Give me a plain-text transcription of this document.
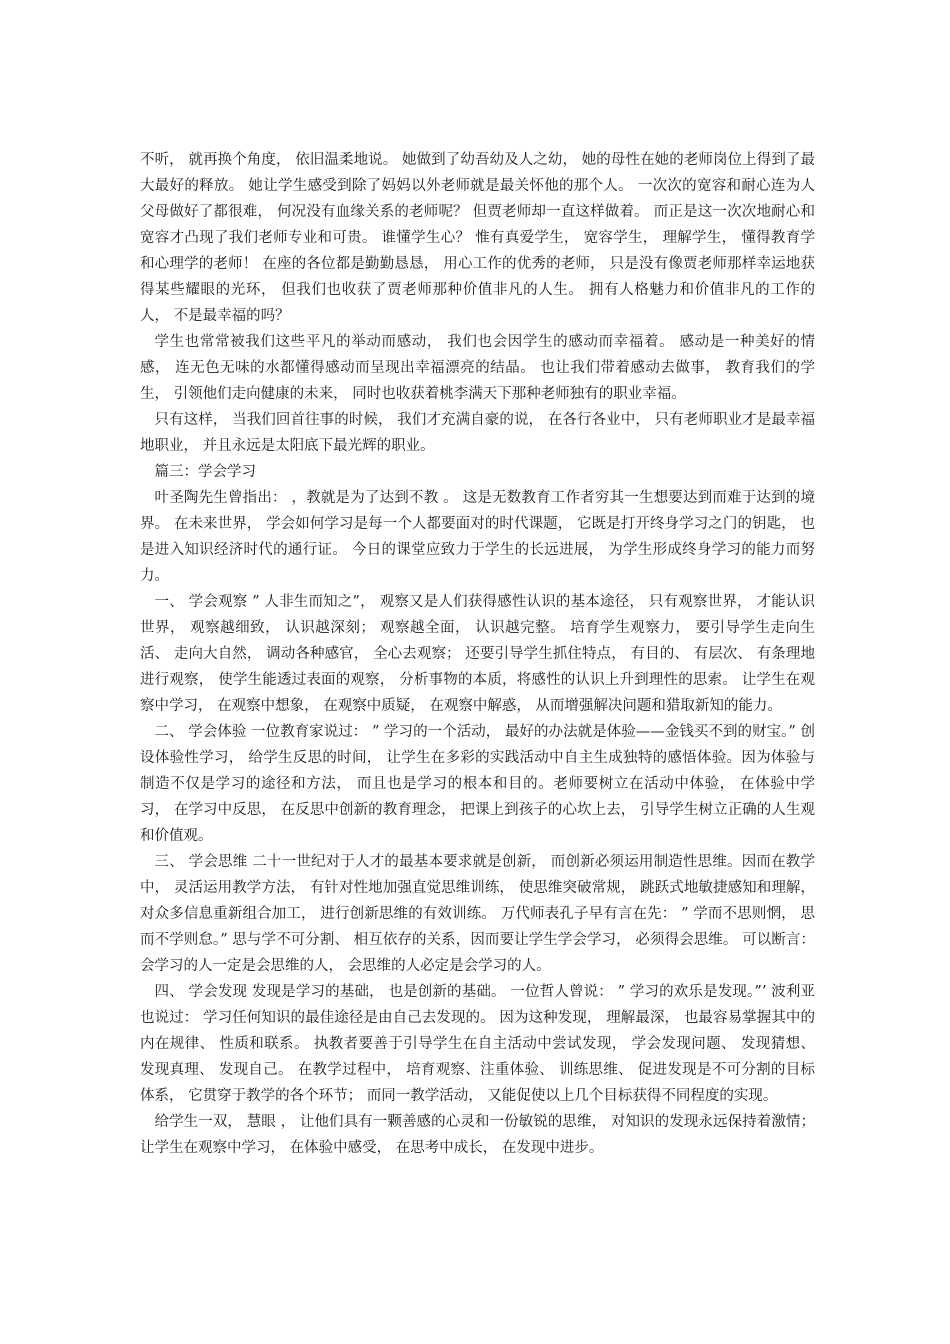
不听， 就再换个角度， 依旧温柔地说。 她做到了幼吾幼及人之幼， 她的母性在她的老师岗位上得到了最大最好的释放。 她让学生感受到除了妈妈以外老师就是最关怀他的那个人。 一次次的宽容和耐心连为人父母做好了都很难， 何况没有血缘关系的老师呢？ 但贾老师却一直这样做着。 而正是这一次次地耐心和宽容才凸现了我们老师专业和可贵。 谁懂学生心？ 惟有真爱学生， 宽容学生， 理解学生， 懂得教育学和心理学的老师！ 在座的各位都是勤勤恳恳， 用心工作的优秀的老师， 只是没有像贾老师那样幸运地获得某些耀眼的光环， 但我们也收获了贾老师那种价值非凡的人生。 拥有人格魅力和价值非凡的工作的人， 不是最幸福的吗？

学生也常常被我们这些平凡的举动而感动， 我们也会因学生的感动而幸福着。 感动是一种美好的情感， 连无色无味的水都懂得感动而呈现出幸福漂亮的结晶。 也让我们带着感动去做事， 教育我们的学生， 引领他们走向健康的未来， 同时也收获着桃李满天下那种老师独有的职业幸福。

只有这样， 当我们回首往事的时候， 我们才充满自豪的说， 在各行各业中， 只有老师职业才是最幸福地职业， 并且永远是太阳底下最光辉的职业。

篇三：学会学习

叶圣陶先生曾指出： ，教就是为了达到不教 。 这是无数教育工作者穷其一生想要达到而难于达到的境界。 在未来世界， 学会如何学习是每一个人都要面对的时代课题， 它既是打开终身学习之门的钥匙， 也是进入知识经济时代的通行证。 今日的课堂应致力于学生的长远进展， 为学生形成终身学习的能力而努力。

一、 学会观察 ” 人非生而知之”， 观察又是人们获得感性认识的基本途径， 只有观察世界， 才能认识世界， 观察越细致， 认识越深刻； 观察越全面， 认识越完整。 培育学生观察力， 要引导学生走向生活、 走向大自然， 调动各种感官， 全心去观察； 还要引导学生抓住特点， 有目的、 有层次、 有条理地进行观察， 使学生能透过表面的观察， 分析事物的本质，将感性的认识上升到理性的思索。 让学生在观察中学习， 在观察中想象， 在观察中质疑， 在观察中解惑， 从而增强解决问题和猎取新知的能力。

二、 学会体验 一位教育家说过： ” 学习的一个活动， 最好的办法就是体验——金钱买不到的财宝。” 创设体验性学习， 给学生反思的时间， 让学生在多彩的实践活动中自主生成独特的感悟体验。因为体验与制造不仅是学习的途径和方法， 而且也是学习的根本和目的。老师要树立在活动中体验， 在体验中学习， 在学习中反思， 在反思中创新的教育理念， 把课上到孩子的心坎上去， 引导学生树立正确的人生观和价值观。

三、 学会思维 二十一世纪对于人才的最基本要求就是创新， 而创新必须运用制造性思维。因而在教学中， 灵活运用教学方法， 有针对性地加强直觉思维训练， 使思维突破常规， 跳跃式地敏捷感知和理解， 对众多信息重新组合加工， 进行创新思维的有效训练。 万代师表孔子早有言在先： ” 学而不思则惘， 思而不学则怠。” 思与学不可分割、 相互依存的关系，因而要让学生学会学习， 必须得会思维。 可以断言： 会学习的人一定是会思维的人， 会思维的人必定是会学习的人。

四、 学会发现 发现是学习的基础， 也是创新的基础。 一位哲人曾说： ” 学习的欢乐是发现。”’ 波利亚也说过： 学习任何知识的最佳途径是由自己去发现的。 因为这种发现， 理解最深， 也最容易掌握其中的内在规律、 性质和联系。 执教者要善于引导学生在自主活动中尝试发现， 学会发现问题、 发现猜想、 发现真理、 发现自己。 在教学过程中， 培育观察、注重体验、 训练思维、 促进发现是不可分割的目标体系， 它贯穿于教学的各个环节； 而同一教学活动， 又能促使以上几个目标获得不同程度的实现。

给学生一双， 慧眼 ， 让他们具有一颗善感的心灵和一份敏锐的思维， 对知识的发现永远保持着激情； 让学生在观察中学习， 在体验中感受， 在思考中成长， 在发现中进步。
